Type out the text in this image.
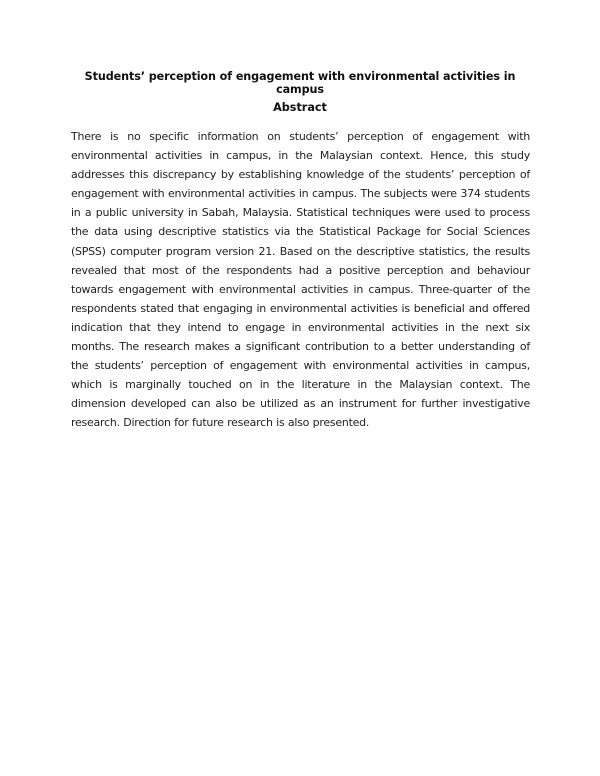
Students’ perception of engagement with environmental activities in campus
Abstract

There is no specific information on students’ perception of engagement with environmental activities in campus, in the Malaysian context. Hence, this study addresses this discrepancy by establishing knowledge of the students’ perception of engagement with environmental activities in campus. The subjects were 374 students in a public university in Sabah, Malaysia. Statistical techniques were used to process the data using descriptive statistics via the Statistical Package for Social Sciences (SPSS) computer program version 21. Based on the descriptive statistics, the results revealed that most of the respondents had a positive perception and behaviour towards engagement with environmental activities in campus. Three-quarter of the respondents stated that engaging in environmental activities is beneficial and offered indication that they intend to engage in environmental activities in the next six months. The research makes a significant contribution to a better understanding of the students’ perception of engagement with environmental activities in campus, which is marginally touched on in the literature in the Malaysian context. The dimension developed can also be utilized as an instrument for further investigative research. Direction for future research is also presented.
